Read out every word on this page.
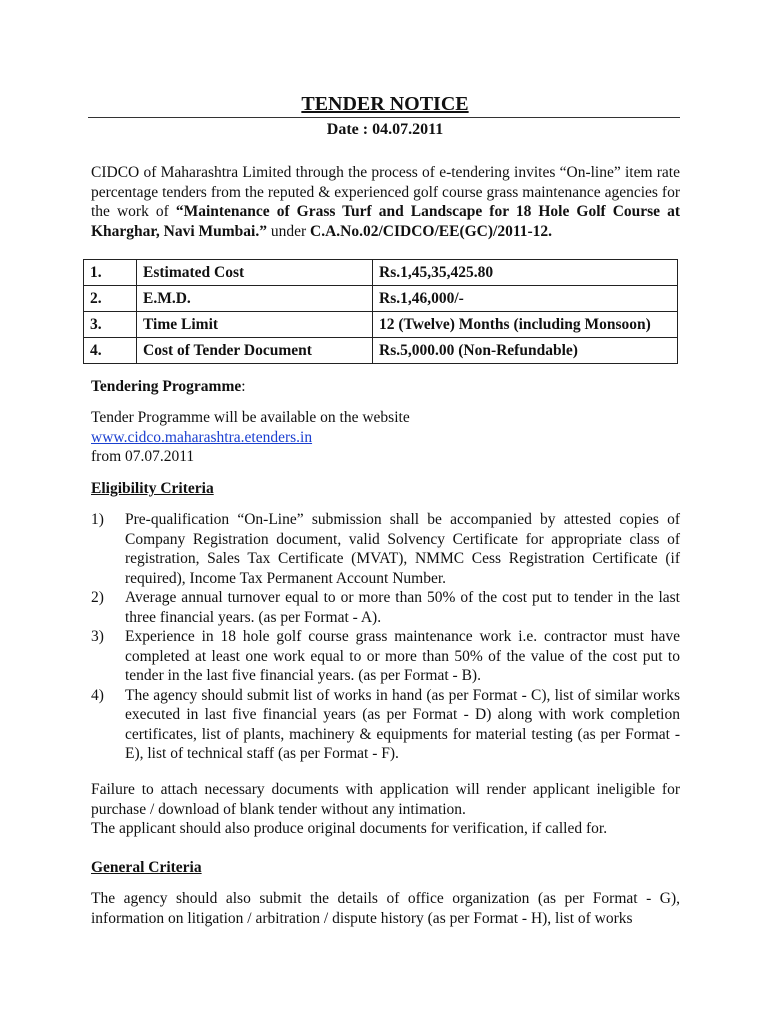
TENDER NOTICE
Date : 04.07.2011
CIDCO of Maharashtra Limited through the process of e-tendering invites “On-line” item rate percentage tenders from the reputed & experienced golf course grass maintenance agencies for the work of “Maintenance of Grass Turf and Landscape for 18 Hole Golf Course at Kharghar, Navi Mumbai.” under C.A.No.02/CIDCO/EE(GC)/2011-12.
1.	Estimated Cost	Rs.1,45,35,425.80
2.	E.M.D.	Rs.1,46,000/-
3.	Time Limit	12 (Twelve) Months (including Monsoon)
4.	Cost of Tender Document	Rs.5,000.00 (Non-Refundable)
Tendering Programme:
Tender Programme will be available on the website
www.cidco.maharashtra.etenders.in
from 07.07.2011
Eligibility Criteria
1) Pre-qualification “On-Line” submission shall be accompanied by attested copies of Company Registration document, valid Solvency Certificate for appropriate class of registration, Sales Tax Certificate (MVAT), NMMC Cess Registration Certificate (if required), Income Tax Permanent Account Number.
2) Average annual turnover equal to or more than 50% of the cost put to tender in the last three financial years. (as per Format - A).
3) Experience in 18 hole golf course grass maintenance work i.e. contractor must have completed at least one work equal to or more than 50% of the value of the cost put to tender in the last five financial years. (as per Format - B).
4) The agency should submit list of works in hand (as per Format - C), list of similar works executed in last five financial years (as per Format - D) along with work completion certificates, list of plants, machinery & equipments for material testing (as per Format - E), list of technical staff (as per Format - F).
Failure to attach necessary documents with application will render applicant ineligible for purchase / download of blank tender without any intimation.
The applicant should also produce original documents for verification, if called for.
General Criteria
The agency should also submit the details of office organization (as per Format - G), information on litigation / arbitration / dispute history (as per Format - H), list of works
